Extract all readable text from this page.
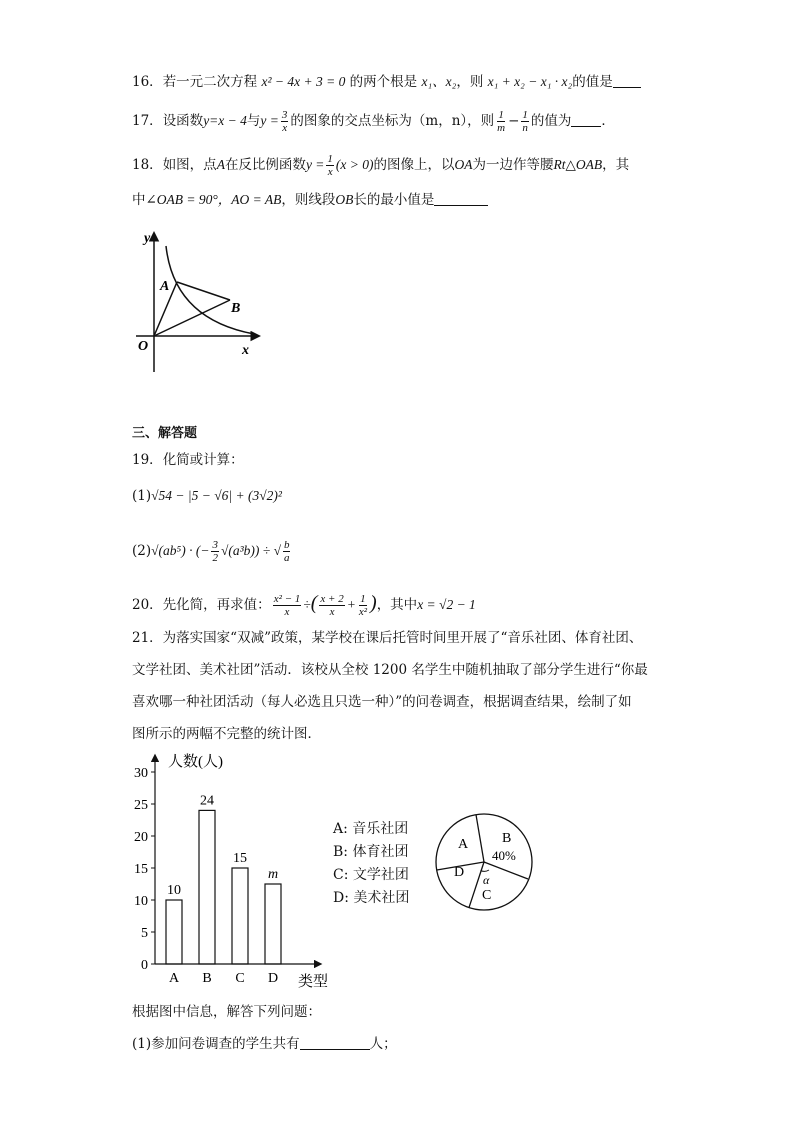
16．若一元二次方程 x² − 4x + 3 = 0 的两个根是 x₁、x₂，则 x₁ + x₂ − x₁ · x₂的值是
17．设函数y=x − 4与$y = \frac{3}{x}$ 的图象的交点坐标为（m，n），则 $\frac{1}{m} - \frac{1}{n}$ 的值为 ．
18．如图，点A在反比例函数$y = \frac{1}{x} (x > 0)$的图像上，以OA为一边作等腰Rt△OAB，其
中∠OAB = 90°，AO = AB，则线段OB长的最小值是
y
x
O
A
B
三、解答题
19．化简或计算：
(1)√54 − |5 − √6| + (3√2)²
(2)√(ab⁵) · (− $\frac{3}{2} √(a^3b)$) ÷ √ $\frac{b}{a}$
20．先化简，再求值： $\frac{\text{x² − 1}}{x}$ ÷( $\frac{x + 2}{x} + \frac{1}{\text{x²}}$ )，其中x = √2 − 1
21．为落实国家“双减”政策，某学校在课后托管时间里开展了“音乐社团、体育社团、
文学社团、美术社团”活动．该校从全校 1200 名学生中随机抽取了部分学生进行“你最
喜欢哪一种社团活动（每人必选且只选一种）”的问卷调查，根据调查结果，绘制了如
图所示的两幅不完整的统计图．
0
5
10
15
20
25
30
人数(人)
类型
10
A
24
B
15
C
m
D
A: 音乐社团
B: 体育社团
C: 文学社团
D: 美术社团
A B
40%
D α
C
根据图中信息，解答下列问题：
(1)参加问卷调查的学生共有	人；
